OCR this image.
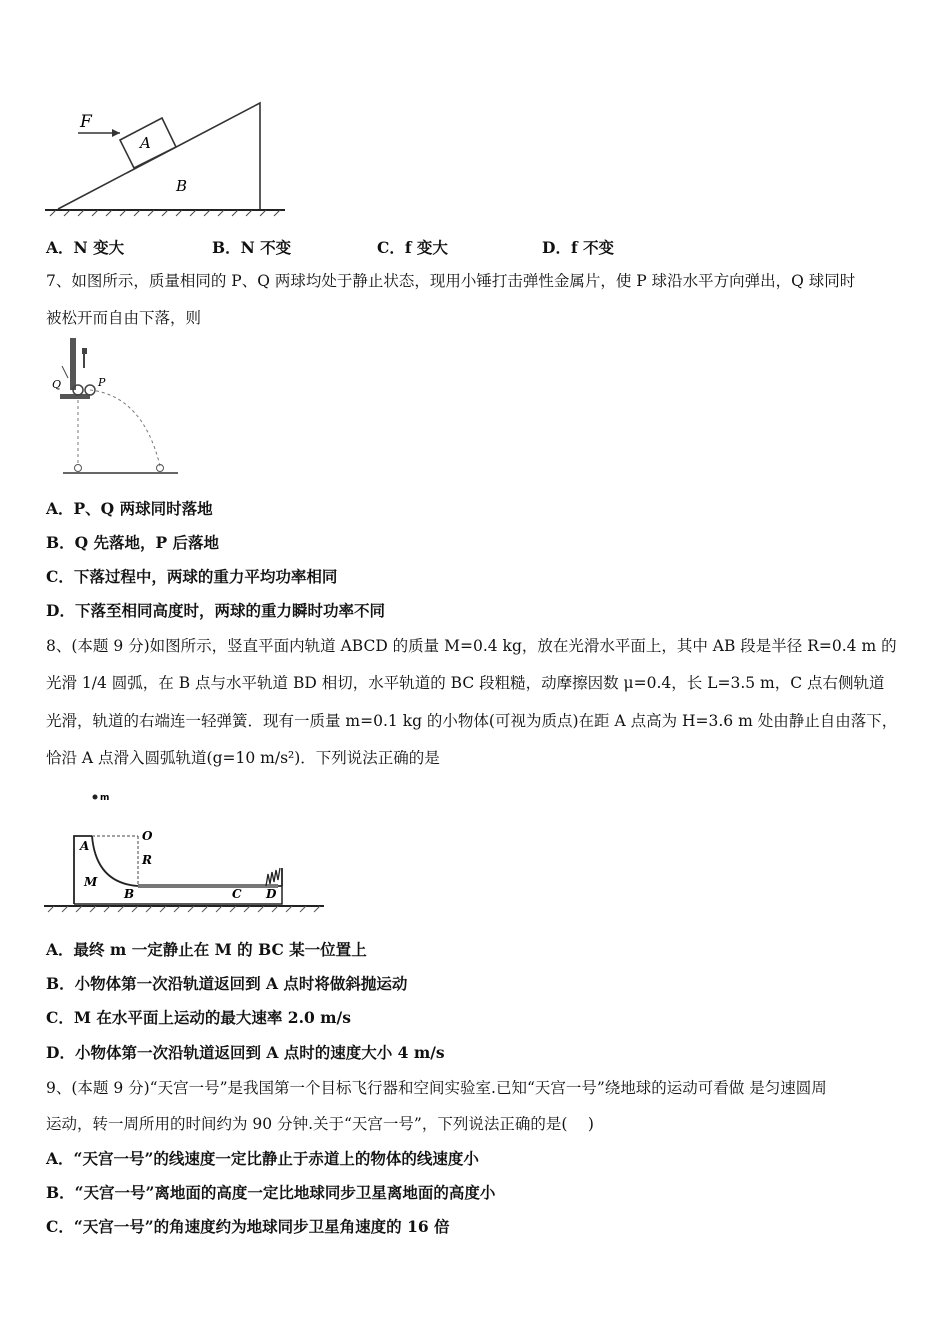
F
A
B
A．N 变大	B．N 不变	C．f 变大	D．f 不变
7、如图所示，质量相同的 P、Q 两球均处于静止状态，现用小锤打击弹性金属片，使 P 球沿水平方向弹出，Q 球同时
被松开而自由下落，则
Q	P
A．P、Q 两球同时落地
B．Q 先落地，P 后落地
C．下落过程中，两球的重力平均功率相同
D．下落至相同高度时，两球的重力瞬时功率不同
8、(本题 9 分)如图所示，竖直平面内轨道 ABCD 的质量 M=0.4 kg，放在光滑水平面上，其中 AB 段是半径 R=0.4 m 的
光滑 1/4 圆弧，在 B 点与水平轨道 BD 相切，水平轨道的 BC 段粗糙，动摩擦因数 μ=0.4，长 L=3.5 m，C 点右侧轨道
光滑，轨道的右端连一轻弹簧．现有一质量 m=0.1 kg 的小物体(可视为质点)在距 A 点高为 H=3.6 m 处由静止自由落下，
恰沿 A 点滑入圆弧轨道(g=10 m/s²)．下列说法正确的是
m
O
A
R
M
B	C D
A．最终 m 一定静止在 M 的 BC 某一位置上
B．小物体第一次沿轨道返回到 A 点时将做斜抛运动
C．M 在水平面上运动的最大速率 2.0 m/s
D．小物体第一次沿轨道返回到 A 点时的速度大小 4 m/s
9、(本题 9 分)“天宫一号”是我国第一个目标飞行器和空间实验室.已知“天宫一号”绕地球的运动可看做 是匀速圆周
运动，转一周所用的时间约为 90 分钟.关于“天宫一号”，下列说法正确的是(　 )
A．“天宫一号”的线速度一定比静止于赤道上的物体的线速度小
B．“天宫一号”离地面的高度一定比地球同步卫星离地面的高度小
C．“天宫一号”的角速度约为地球同步卫星角速度的 16 倍
